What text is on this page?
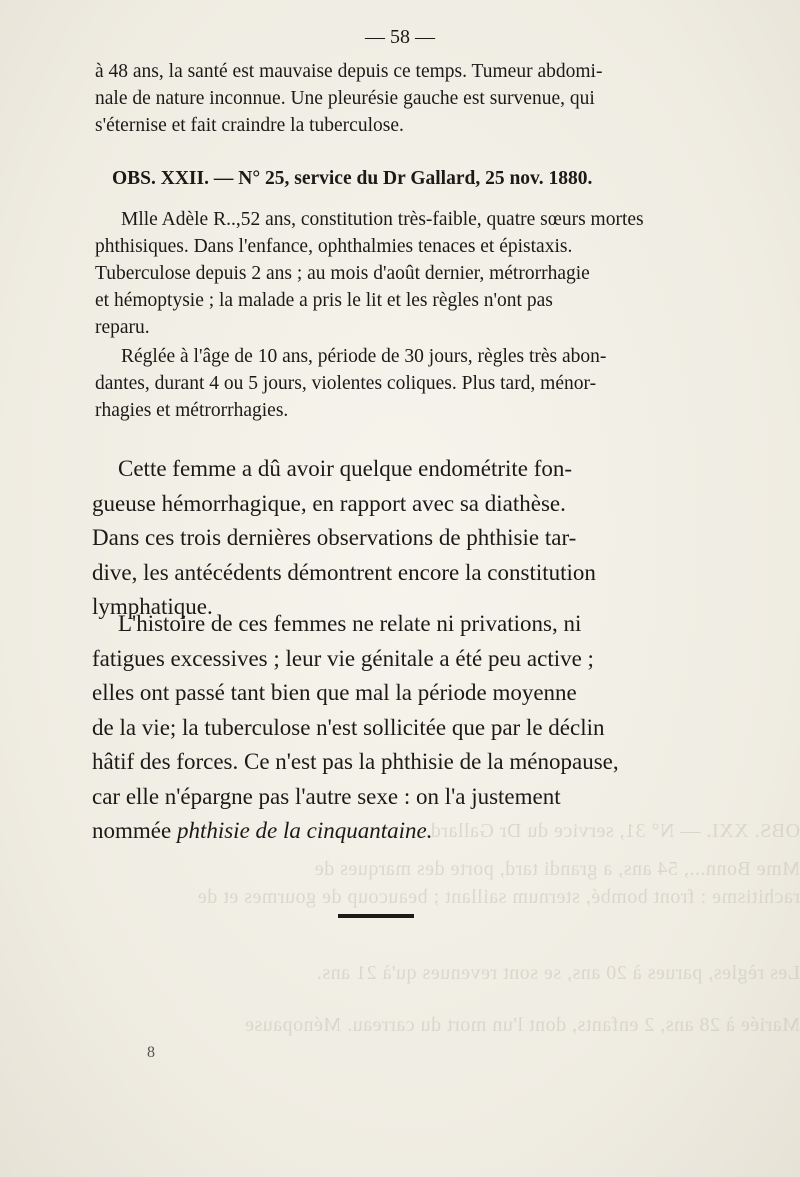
OBS. XXI. — N° 31, service du Dr Gallard.
Mme Bonn..., 54 ans, a grandi tard, porte des marques de
rachitisme : front bombé, sternum saillant ; beaucoup de gourmes et de
Les règles, parues à 20 ans, se sont revenues qu'à 21 ans.
Mariée à 28 ans, 2 enfants, dont l'un mort du carreau. Ménopause
— 58 —
à 48 ans, la santé est mauvaise depuis ce temps. Tumeur abdomi-
nale de nature inconnue. Une pleurésie gauche est survenue, qui
s'éternise et fait craindre la tuberculose.
OBS. XXII. — N° 25, service du Dr Gallard, 25 nov. 1880.
Mlle Adèle R..,52 ans, constitution très-faible, quatre sœurs mortes
phthisiques. Dans l'enfance, ophthalmies tenaces et épistaxis.
Tuberculose depuis 2 ans ; au mois d'août dernier, métrorrhagie
et hémoptysie ; la malade a pris le lit et les règles n'ont pas
reparu.
Réglée à l'âge de 10 ans, période de 30 jours, règles très abon-
dantes, durant 4 ou 5 jours, violentes coliques. Plus tard, ménor-
rhagies et métrorrhagies.
Cette femme a dû avoir quelque endométrite fon-
gueuse hémorrhagique, en rapport avec sa diathèse.
Dans ces trois dernières observations de phthisie tar-
dive, les antécédents démontrent encore la constitution
lymphatique.
L'histoire de ces femmes ne relate ni privations, ni
fatigues excessives ; leur vie génitale a été peu active ;
elles ont passé tant bien que mal la période moyenne
de la vie; la tuberculose n'est sollicitée que par le déclin
hâtif des forces. Ce n'est pas la phthisie de la ménopause,
car elle n'épargne pas l'autre sexe : on l'a justement
nommée phthisie de la cinquantaine.
8
